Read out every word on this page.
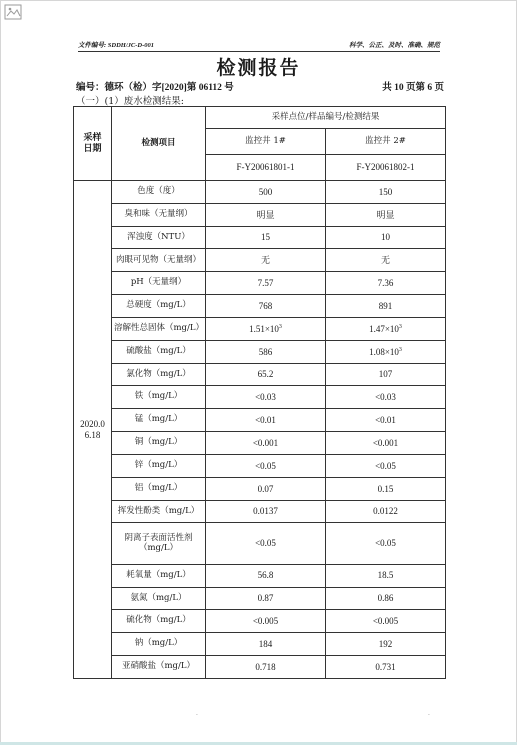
文件编号: SDDH/JC-D-001	科学、公正、及时、准确、规范
检测报告
编号：德环（检）字[2020]第 06112 号	共 10 页第 6 页
（一）(1）废水检测结果:
采样日期	检测项目	采样点位/样品编号/检测结果	
		监控井 1#	监控井 2#
		F-Y20061801-1	F-Y20061802-1
2020.06.18	色度（度）	500	150
	臭和味（无量纲）	明显	明显
	浑浊度（NTU）	15	10
	肉眼可见物（无量纲）	无	无
	pH（无量纲）	7.57	7.36
	总硬度（mg/L）	768	891
	溶解性总固体（mg/L）	$1.51\times 10^3$	$1.47\times 10^3$
	硫酸盐（mg/L）	586	$1.08\times 10^3$
	氯化物（mg/L）	65.2	107
	铁（mg/L）	<0.03	<0.03
	锰（mg/L）	<0.01	<0.01
	铜（mg/L）	<0.001	<0.001
	锌（mg/L）	<0.05	<0.05
	铝（mg/L）	0.07	0.15
	挥发性酚类（mg/L）	0.0137	0.0122
	阴离子表面活性剂（mg/L）	<0.05	<0.05
	耗氧量（mg/L）	56.8	18.5
	氨氮（mg/L）	0.87	0.86
	硫化物（mg/L）	<0.005	<0.005
	钠（mg/L）	184	192
	亚硝酸盐（mg/L）	0.718	0.731
·	·
